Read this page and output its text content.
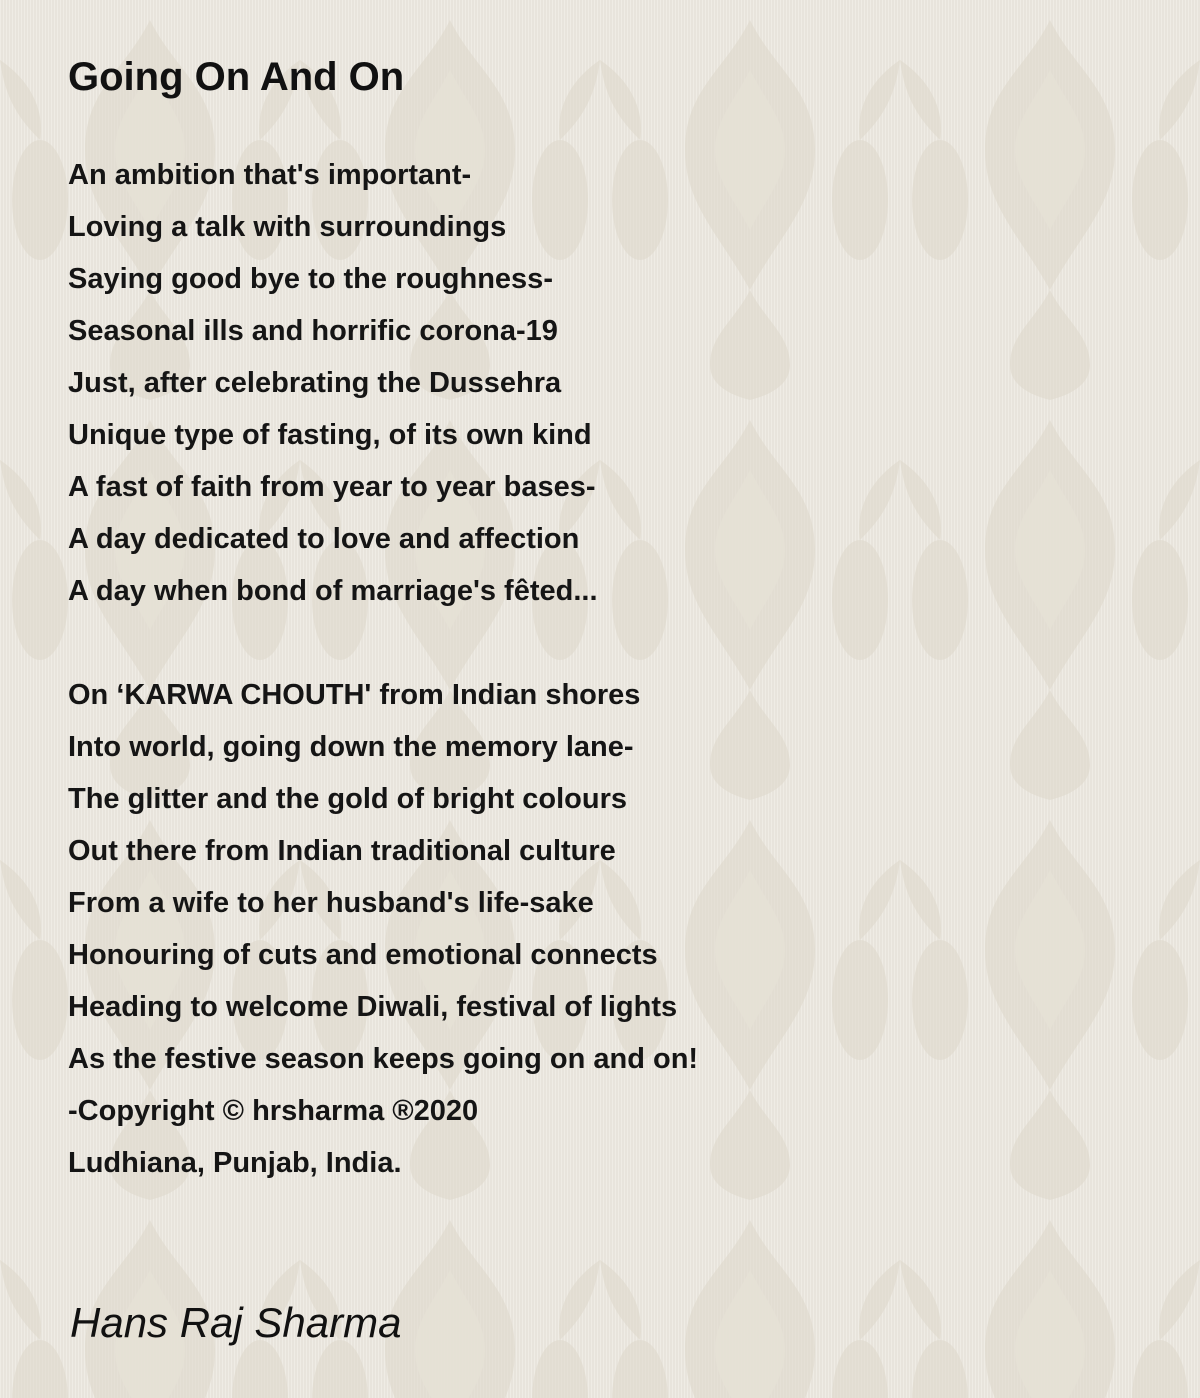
Going On And On
An ambition that's important-
Loving a talk with surroundings
Saying good bye to the roughness-
Seasonal ills and horrific corona-19
Just, after celebrating the Dussehra
Unique type of fasting, of its own kind
A fast of faith from year to year bases-
A day dedicated to love and affection
A day when bond of marriage's fêted...
On ‘KARWA CHOUTH' from Indian shores
Into world, going down the memory lane-
The glitter and the gold of bright colours
Out there from Indian traditional culture
From a wife to her husband's life-sake
Honouring of cuts and emotional connects
Heading to welcome Diwali, festival of lights
As the festive season keeps going on and on!
-Copyright © hrsharma ®2020
Ludhiana, Punjab, India.
Hans Raj Sharma
